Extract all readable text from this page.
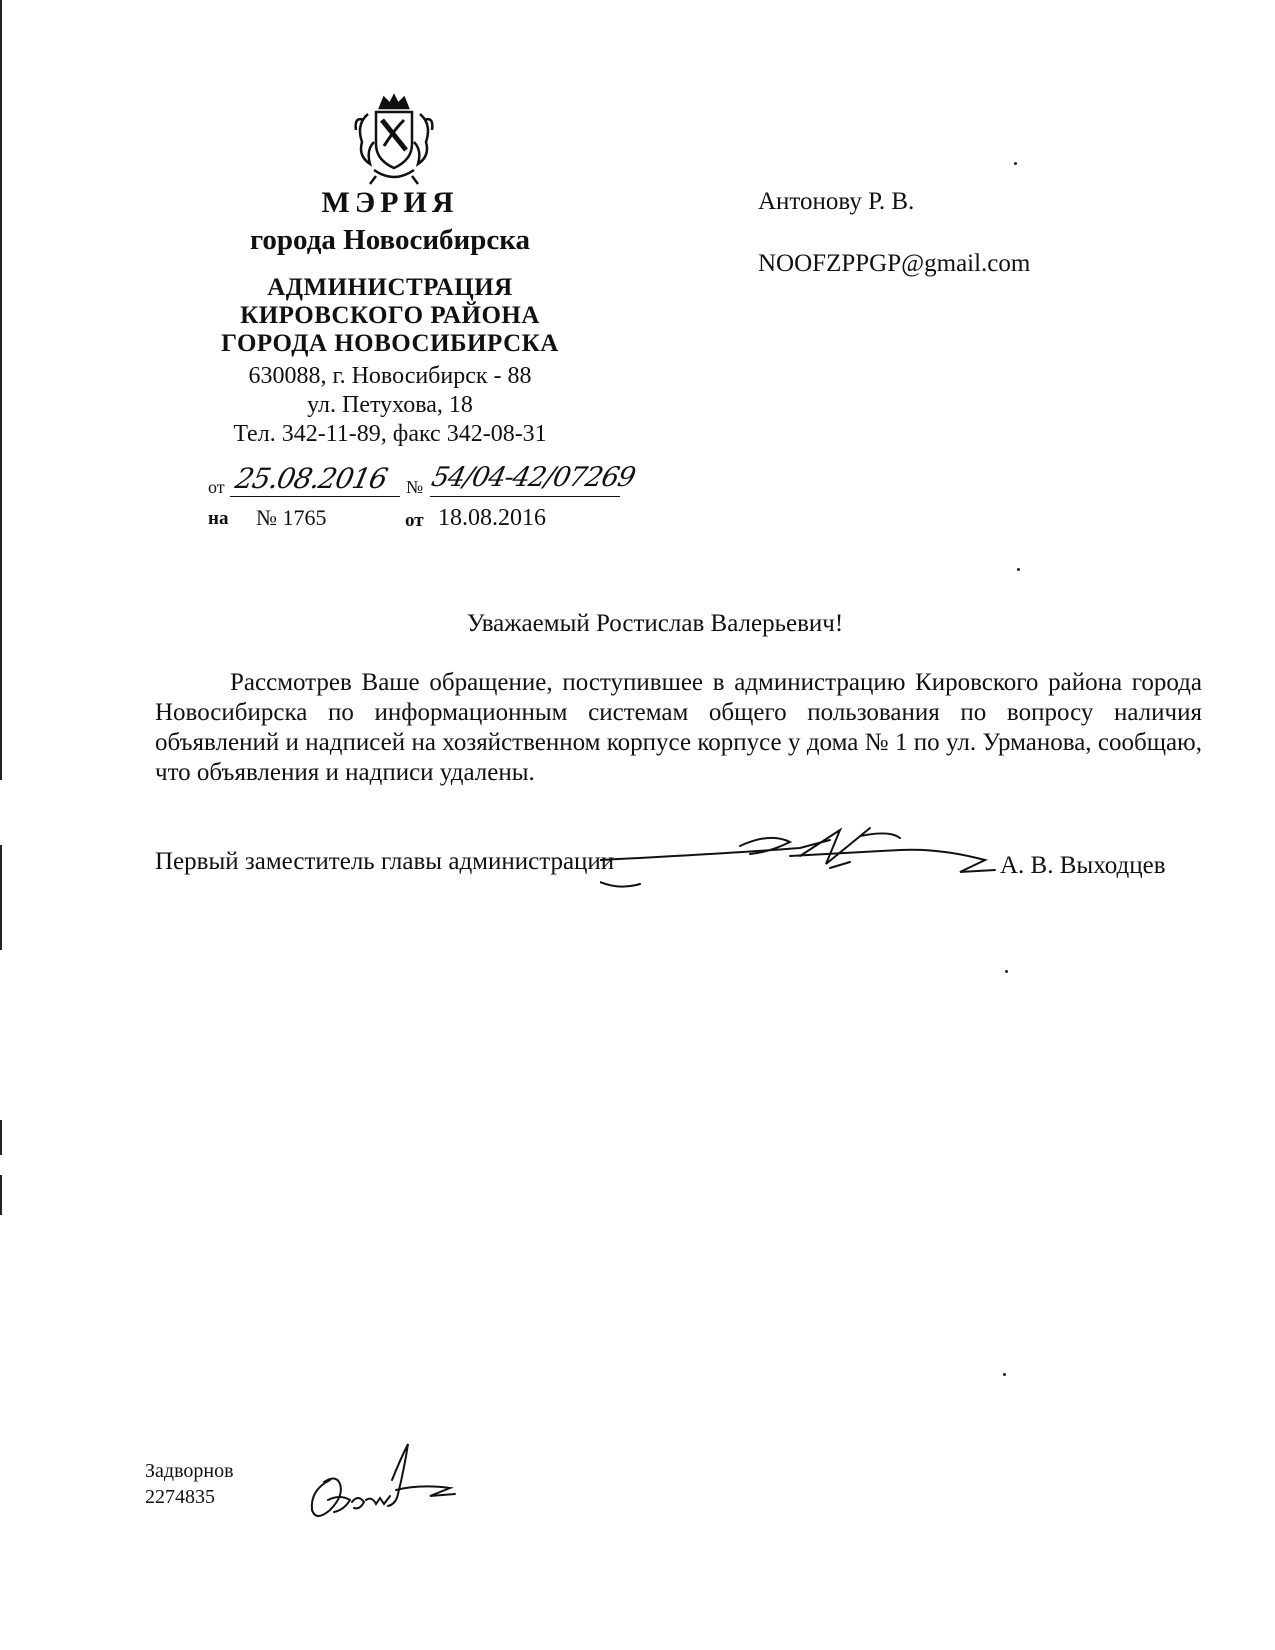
МЭРИЯ
города Новосибирска
АДМИНИСТРАЦИЯ
КИРОВСКОГО РАЙОНА
ГОРОДА НОВОСИБИРСКА
630088, г. Новосибирск - 88
ул. Петухова, 18
Тел. 342-11-89, факс 342-08-31
от 25.08.2016 № 54/04-42/07269
на № 1765	от 18.08.2016
Антонову Р. В.
NOOFZPPGP@gmail.com
Уважаемый Ростислав Валерьевич!

Рассмотрев Ваше обращение, поступившее в администрацию Кировского района города Новосибирска по информационным системам общего пользования по вопросу наличия объявлений и надписей на хозяйственном корпусе корпусе у дома № 1 по ул. Урманова, сообщаю, что объявления и надписи удалены.

Первый заместитель главы администрации	А. В. Выходцев
Задворнов
2274835
